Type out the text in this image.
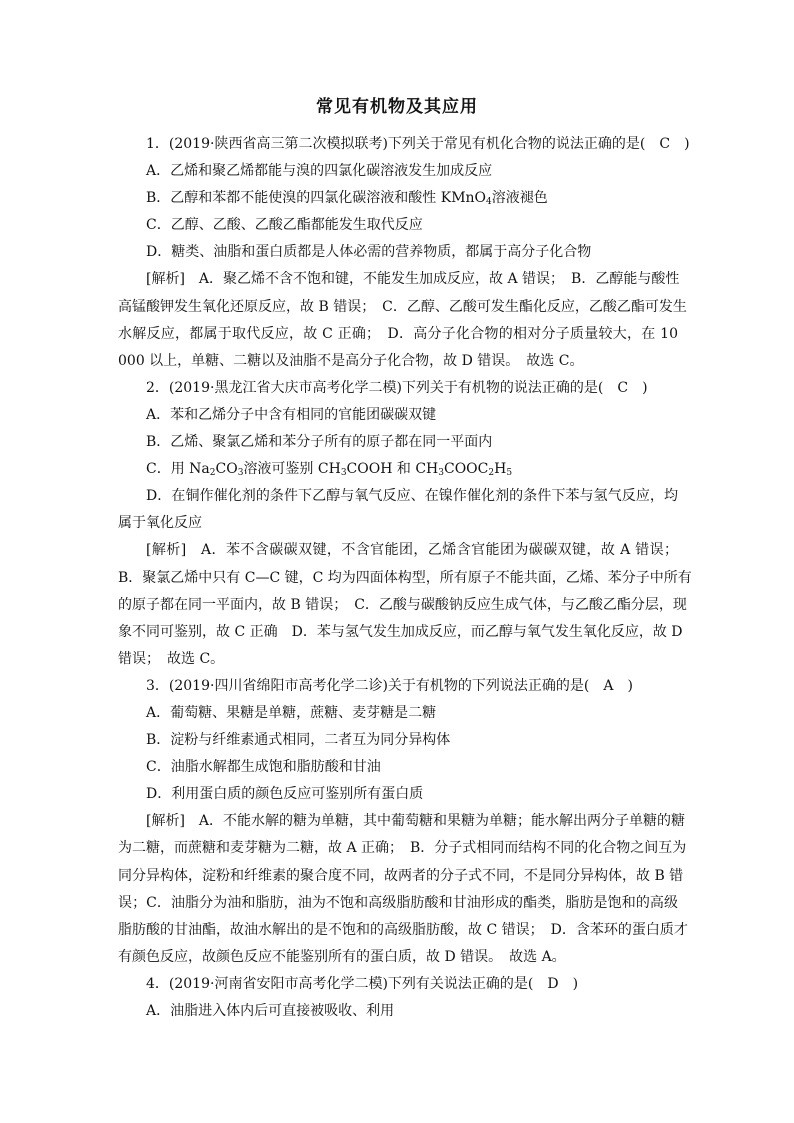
常见有机物及其应用
1．(2019·陕西省高三第二次模拟联考)下列关于常见有机化合物的说法正确的是(　C　)
A．乙烯和聚乙烯都能与溴的四氯化碳溶液发生加成反应
B．乙醇和苯都不能使溴的四氯化碳溶液和酸性 KMnO$_4$溶液褪色
C．乙醇、乙酸、乙酸乙酯都能发生取代反应
D．糖类、油脂和蛋白质都是人体必需的营养物质，都属于高分子化合物
[解析]　A．聚乙烯不含不饱和键，不能发生加成反应，故 A 错误；　B．乙醇能与酸性
高锰酸钾发生氧化还原反应，故 B 错误；　C．乙醇、乙酸可发生酯化反应，乙酸乙酯可发生
水解反应，都属于取代反应，故 C 正确；　D．高分子化合物的相对分子质量较大，在 10
000 以上，单糖、二糖以及油脂不是高分子化合物，故 D 错误。　故选 C。
2．(2019·黑龙江省大庆市高考化学二模)下列关于有机物的说法正确的是(　C　)
A．苯和乙烯分子中含有相同的官能团碳碳双键
B．乙烯、聚氯乙烯和苯分子所有的原子都在同一平面内
C．用 $Na_2CO_3$溶液可鉴别 $CH_3COOH$ 和 $CH_3COOC_2H_5$
D．在铜作催化剂的条件下乙醇与氧气反应、在镍作催化剂的条件下苯与氢气反应，均
属于氧化反应
[解析]　A．苯不含碳碳双键，不含官能团，乙烯含官能团为碳碳双键，故 A 错误；
B．聚氯乙烯中只有 C—C 键，C 均为四面体构型，所有原子不能共面，乙烯、苯分子中所有
的原子都在同一平面内，故 B 错误；　C．乙酸与碳酸钠反应生成气体，与乙酸乙酯分层，现
象不同可鉴别，故 C 正确　D．苯与氢气发生加成反应，而乙醇与氧气发生氧化反应，故 D
错误；　故选 C。
3．(2019·四川省绵阳市高考化学二诊)关于有机物的下列说法正确的是(　A　)
A．葡萄糖、果糖是单糖，蔗糖、麦芽糖是二糖
B．淀粉与纤维素通式相同，二者互为同分异构体
C．油脂水解都生成饱和脂肪酸和甘油
D．利用蛋白质的颜色反应可鉴别所有蛋白质
[解析]　A．不能水解的糖为单糖，其中葡萄糖和果糖为单糖；能水解出两分子单糖的糖
为二糖，而蔗糖和麦芽糖为二糖，故 A 正确；　B．分子式相同而结构不同的化合物之间互为
同分异构体，淀粉和纤维素的聚合度不同，故两者的分子式不同，不是同分异构体，故 B 错
误；C．油脂分为油和脂肪，油为不饱和高级脂肪酸和甘油形成的酯类，脂肪是饱和的高级
脂肪酸的甘油酯，故油水解出的是不饱和的高级脂肪酸，故 C 错误；　D．含苯环的蛋白质才
有颜色反应，故颜色反应不能鉴别所有的蛋白质，故 D 错误。　故选 A。
4．(2019·河南省安阳市高考化学二模)下列有关说法正确的是(　D　)
A．油脂进入体内后可直接被吸收、利用
